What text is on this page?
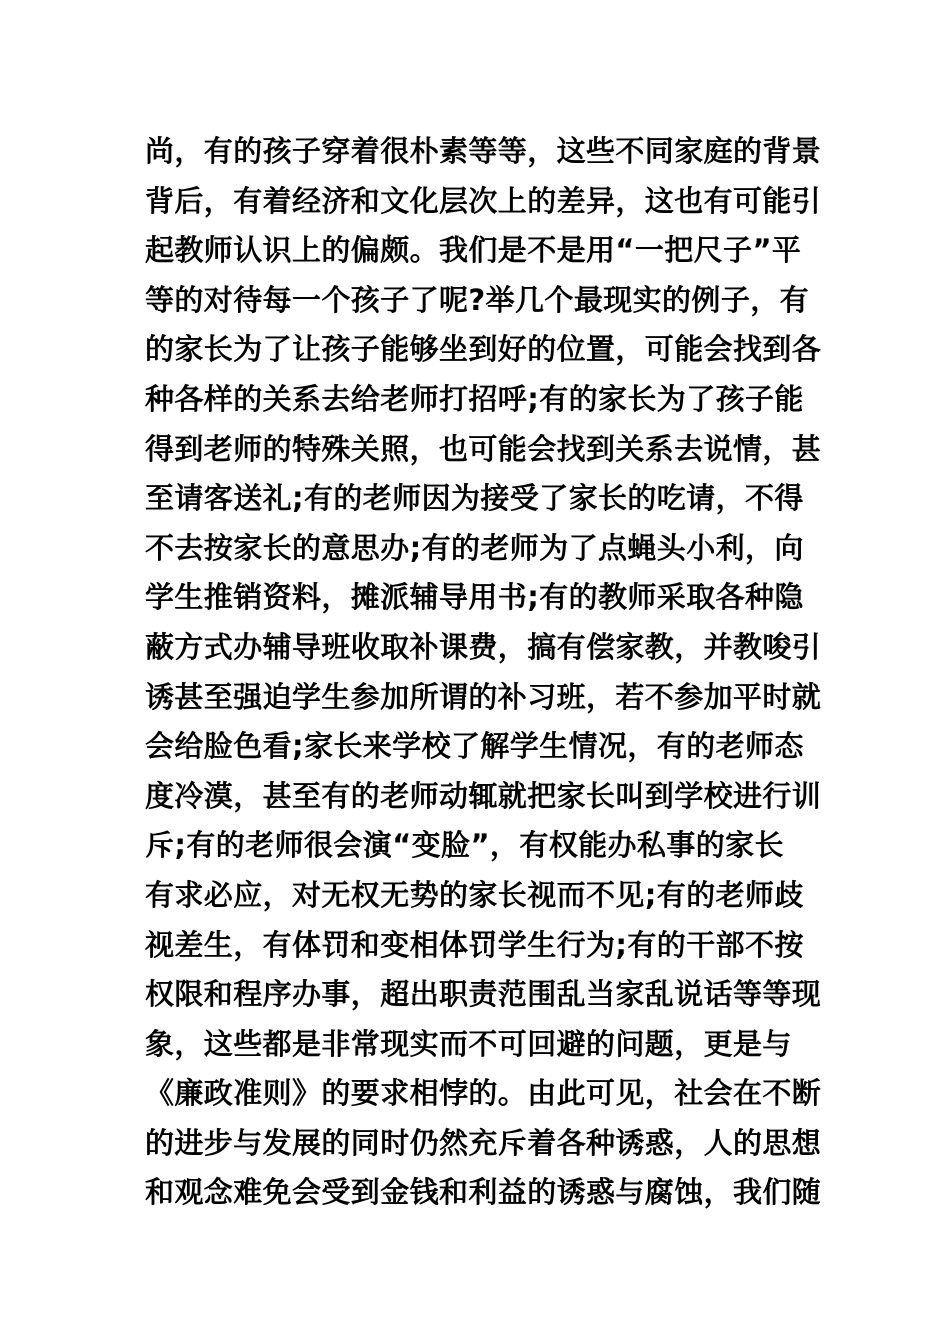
尚，有的孩子穿着很朴素等等，这些不同家庭的背景
背后，有着经济和文化层次上的差异，这也有可能引
起教师认识上的偏颇。我们是不是用“一把尺子”平
等的对待每一个孩子了呢?举几个最现实的例子，有
的家长为了让孩子能够坐到好的位置，可能会找到各
种各样的关系去给老师打招呼;有的家长为了孩子能
得到老师的特殊关照，也可能会找到关系去说情，甚
至请客送礼;有的老师因为接受了家长的吃请，不得
不去按家长的意思办;有的老师为了点蝇头小利，向
学生推销资料，摊派辅导用书;有的教师采取各种隐
蔽方式办辅导班收取补课费，搞有偿家教，并教唆引
诱甚至强迫学生参加所谓的补习班，若不参加平时就
会给脸色看;家长来学校了解学生情况，有的老师态
度冷漠，甚至有的老师动辄就把家长叫到学校进行训
斥;有的老师很会演“变脸”，有权能办私事的家长
有求必应，对无权无势的家长视而不见;有的老师歧
视差生，有体罚和变相体罚学生行为;有的干部不按
权限和程序办事，超出职责范围乱当家乱说话等等现
象，这些都是非常现实而不可回避的问题，更是与
《廉政准则》的要求相悖的。由此可见，社会在不断
的进步与发展的同时仍然充斥着各种诱惑，人的思想
和观念难免会受到金钱和利益的诱惑与腐蚀，我们随
